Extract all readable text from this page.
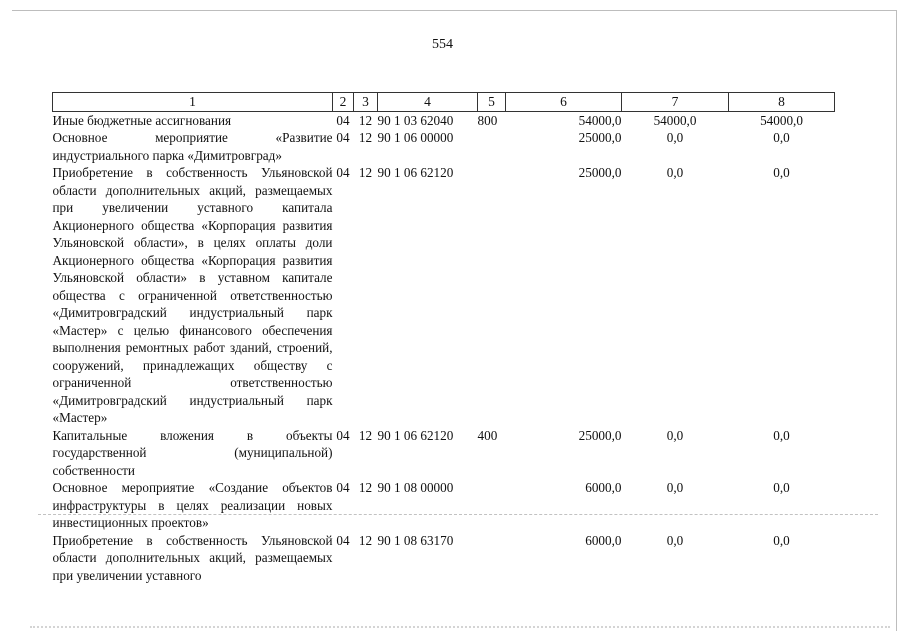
554
1	2	3	4	5	6	7	8
Иные бюджетные ассигнования	04	12	90 1 03 62040	800	54000,0	54000,0	54000,0
Основное мероприятие «Развитие индустриального парка «Димитровград»	04	12	90 1 06 00000		25000,0	0,0	0,0
Приобретение в собственность Ульяновской области дополнительных акций, размещаемых при увеличении уставного капитала Акционерного общества «Корпорация развития Ульяновской области», в целях оплаты доли Акционерного общества «Корпорация развития Ульяновской области» в уставном капитале общества с ограниченной ответственностью «Димитровградский индустриальный парк «Мастер» с целью финансового обеспечения выполнения ремонтных работ зданий, строений, сооружений, принадлежащих обществу с ограниченной ответственностью «Димитровградский индустриальный парк «Мастер»	04	12	90 1 06 62120		25000,0	0,0	0,0
Капитальные вложения в объекты государственной (муниципальной) собственности	04	12	90 1 06 62120	400	25000,0	0,0	0,0
Основное мероприятие «Создание объектов инфраструктуры в целях реализации новых инвестиционных проектов»	04	12	90 1 08 00000		6000,0	0,0	0,0
Приобретение в собственность Ульяновской области дополнительных акций, размещаемых при увеличении уставного	04	12	90 1 08 63170		6000,0	0,0	0,0
